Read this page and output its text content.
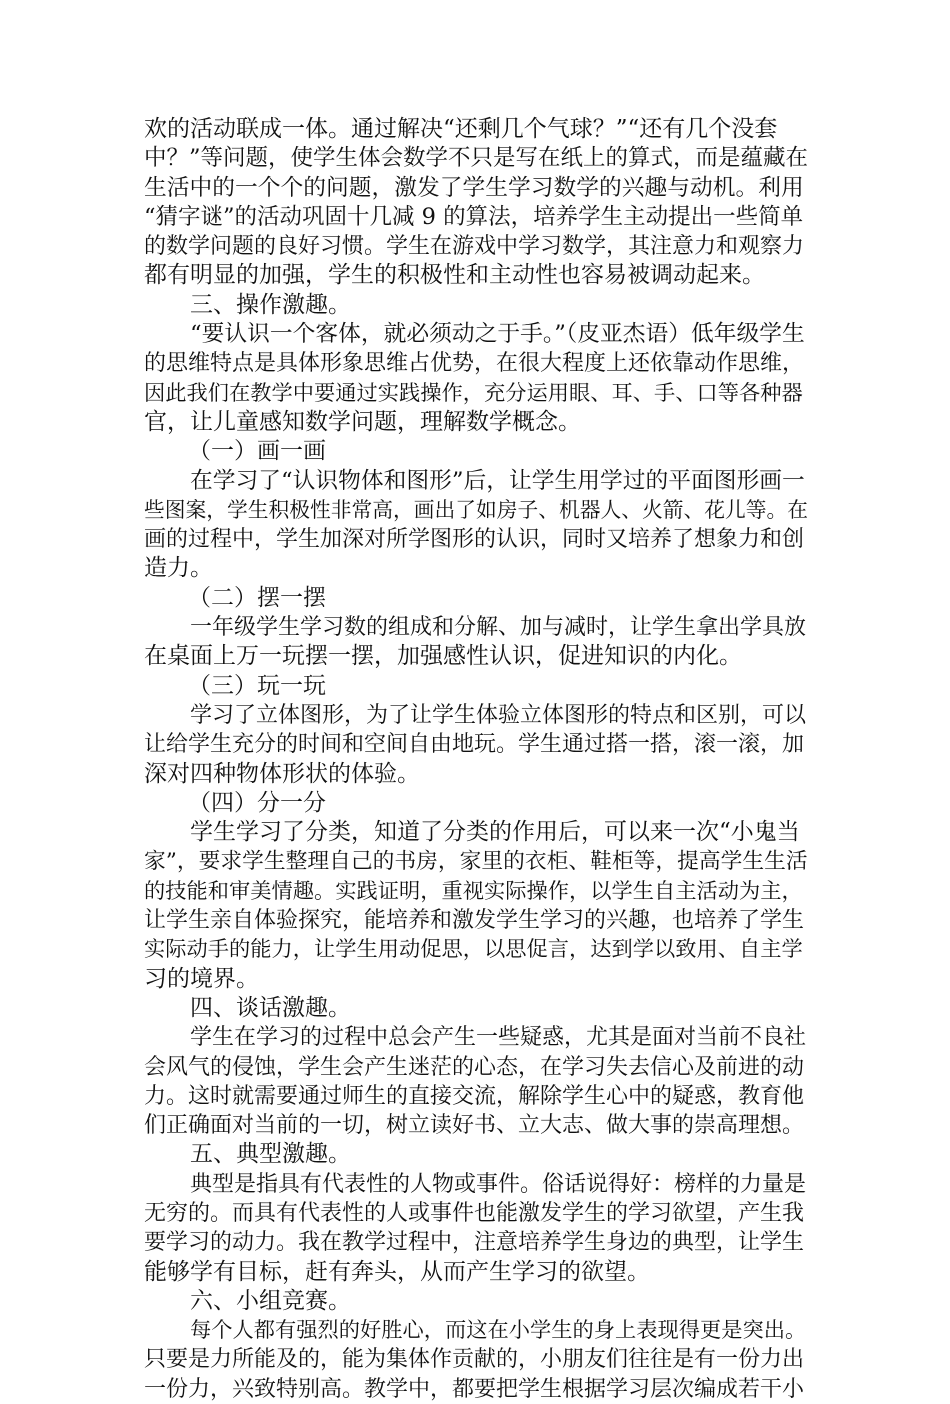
欢的活动联成一体。通过解决“还剩几个气球？”“还有几个没套
中？”等问题，使学生体会数学不只是写在纸上的算式，而是蕴藏在
生活中的一个个的问题，激发了学生学习数学的兴趣与动机。利用
“猜字谜”的活动巩固十几减 9 的算法，培养学生主动提出一些简单
的数学问题的良好习惯。学生在游戏中学习数学，其注意力和观察力
都有明显的加强，学生的积极性和主动性也容易被调动起来。
三、操作激趣。
“要认识一个客体，就必须动之于手。”（皮亚杰语）低年级学生
的思维特点是具体形象思维占优势，在很大程度上还依靠动作思维，
因此我们在教学中要通过实践操作，充分运用眼、耳、手、口等各种器
官，让儿童感知数学问题，理解数学概念。
（一）画一画
在学习了“认识物体和图形”后，让学生用学过的平面图形画一
些图案，学生积极性非常高，画出了如房子、机器人、火箭、花儿等。在
画的过程中，学生加深对所学图形的认识，同时又培养了想象力和创
造力。
（二）摆一摆
一年级学生学习数的组成和分解、加与减时，让学生拿出学具放
在桌面上万一玩摆一摆，加强感性认识，促进知识的内化。
（三）玩一玩
学习了立体图形，为了让学生体验立体图形的特点和区别，可以
让给学生充分的时间和空间自由地玩。学生通过搭一搭，滚一滚，加
深对四种物体形状的体验。
（四）分一分
学生学习了分类，知道了分类的作用后，可以来一次“小鬼当
家”，要求学生整理自己的书房，家里的衣柜、鞋柜等，提高学生生活
的技能和审美情趣。实践证明，重视实际操作，以学生自主活动为主，
让学生亲自体验探究，能培养和激发学生学习的兴趣，也培养了学生
实际动手的能力，让学生用动促思，以思促言，达到学以致用、自主学
习的境界。
四、谈话激趣。
学生在学习的过程中总会产生一些疑惑，尤其是面对当前不良社
会风气的侵蚀，学生会产生迷茫的心态，在学习失去信心及前进的动
力。这时就需要通过师生的直接交流，解除学生心中的疑惑，教育他
们正确面对当前的一切，树立读好书、立大志、做大事的崇高理想。
五、典型激趣。
典型是指具有代表性的人物或事件。俗话说得好：榜样的力量是
无穷的。而具有代表性的人或事件也能激发学生的学习欲望，产生我
要学习的动力。我在教学过程中，注意培养学生身边的典型，让学生
能够学有目标，赶有奔头，从而产生学习的欲望。
六、小组竞赛。
每个人都有强烈的好胜心，而这在小学生的身上表现得更是突出。
只要是力所能及的，能为集体作贡献的，小朋友们往往是有一份力出
一份力，兴致特别高。教学中，都要把学生根据学习层次编成若干小
